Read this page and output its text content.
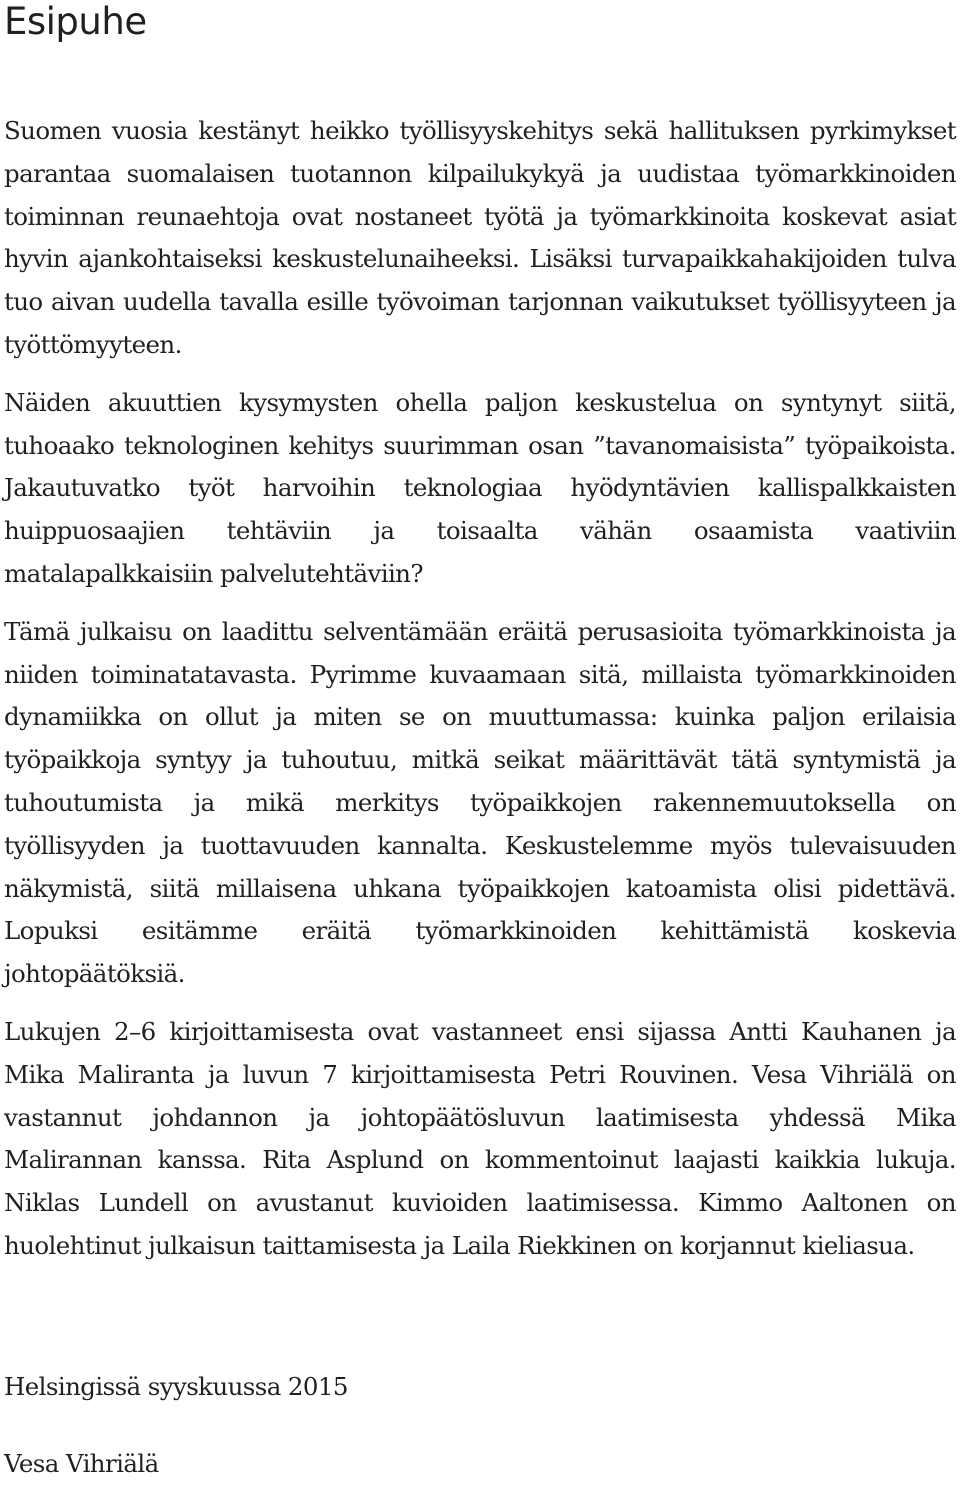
Esipuhe

Suomen vuosia kestänyt heikko työllisyyskehitys sekä hallituksen pyrkimykset parantaa suomalaisen tuotannon kilpailukykyä ja uudistaa työmarkkinoiden toiminnan reunaehtoja ovat nostaneet työtä ja työmarkkinoita koskevat asiat hyvin ajankohtaiseksi keskustelunaiheeksi. Lisäksi turvapaikkahakijoiden tulva tuo aivan uudella tavalla esille työvoiman tarjonnan vaikutukset työllisyyteen ja työttömyyteen.

Näiden akuuttien kysymysten ohella paljon keskustelua on syntynyt siitä, tuhoaako teknologinen kehitys suurimman osan ”tavanomaisista” työpaikoista. Jakautuvatko työt harvoihin teknologiaa hyödyntävien kallispalkkaisten huippuosaajien tehtäviin ja toisaalta vähän osaamista vaativiin matalapalkkaisiin palvelutehtäviin?

Tämä julkaisu on laadittu selventämään eräitä perusasioita työmarkkinoista ja niiden toiminatatavasta. Pyrimme kuvaamaan sitä, millaista työmarkkinoiden dynamiikka on ollut ja miten se on muuttumassa: kuinka paljon erilaisia työpaikkoja syntyy ja tuhoutuu, mitkä seikat määrittävät tätä syntymistä ja tuhoutumista ja mikä merkitys työpaikkojen rakennemuutoksella on työllisyyden ja tuottavuuden kannalta. Keskustelemme myös tulevaisuuden näkymistä, siitä millaisena uhkana työpaikkojen katoamista olisi pidettävä. Lopuksi esitämme eräitä työmarkkinoiden kehittämistä koskevia johtopäätöksiä.

Lukujen 2–6 kirjoittamisesta ovat vastanneet ensi sijassa Antti Kauhanen ja Mika Maliranta ja luvun 7 kirjoittamisesta Petri Rouvinen. Vesa Vihriälä on vastannut johdannon ja johtopäätösluvun laatimisesta yhdessä Mika Malirannan kanssa. Rita Asplund on kommentoinut laajasti kaikkia lukuja. Niklas Lundell on avustanut kuvioiden laatimisessa. Kimmo Aaltonen on huolehtinut julkaisun taittamisesta ja Laila Riekkinen on korjannut kieliasua.

Helsingissä syyskuussa 2015

Vesa Vihriälä
